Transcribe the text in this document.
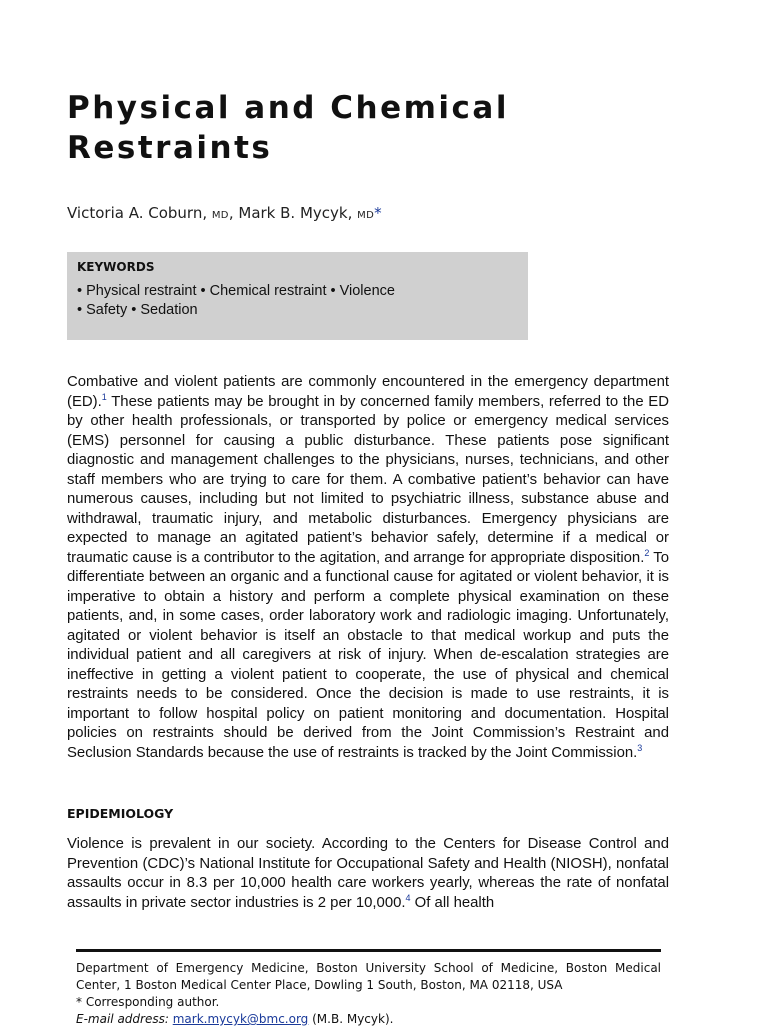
Physical and Chemical
Restraints
Victoria A. Coburn, MD, Mark B. Mycyk, MD*
KEYWORDS
• Physical restraint • Chemical restraint • Violence
• Safety • Sedation

Combative and violent patients are commonly encountered in the emergency department (ED).$^1$ These patients may be brought in by concerned family members, referred to the ED by other health professionals, or transported by police or emergency medical services (EMS) personnel for causing a public disturbance. These patients pose significant diagnostic and management challenges to the physicians, nurses, technicians, and other staff members who are trying to care for them. A combative patient’s behavior can have numerous causes, including but not limited to psychiatric illness, substance abuse and withdrawal, traumatic injury, and metabolic disturbances. Emergency physicians are expected to manage an agitated patient’s behavior safely, determine if a medical or traumatic cause is a contributor to the agitation, and arrange for appropriate disposition.$^2$ To differentiate between an organic and a functional cause for agitated or violent behavior, it is imperative to obtain a history and perform a complete physical examination on these patients, and, in some cases, order laboratory work and radiologic imaging. Unfortunately, agitated or violent behavior is itself an obstacle to that medical workup and puts the individual patient and all caregivers at risk of injury. When de-escalation strategies are ineffective in getting a violent patient to cooperate, the use of physical and chemical restraints needs to be considered. Once the decision is made to use restraints, it is important to follow hospital policy on patient monitoring and documentation. Hospital policies on restraints should be derived from the Joint Commission’s Restraint and Seclusion Standards because the use of restraints is tracked by the Joint Commission.$^3$

EPIDEMIOLOGY

Violence is prevalent in our society. According to the Centers for Disease Control and Prevention (CDC)’s National Institute for Occupational Safety and Health (NIOSH), nonfatal assaults occur in 8.3 per 10,000 health care workers yearly, whereas the rate of nonfatal assaults in private sector industries is 2 per 10,000.$^4$ Of all health

Department of Emergency Medicine, Boston University School of Medicine, Boston Medical Center, 1 Boston Medical Center Place, Dowling 1 South, Boston, MA 02118, USA

* Corresponding author.

E-mail address: mark.mycyk@bmc.org (M.B. Mycyk).
